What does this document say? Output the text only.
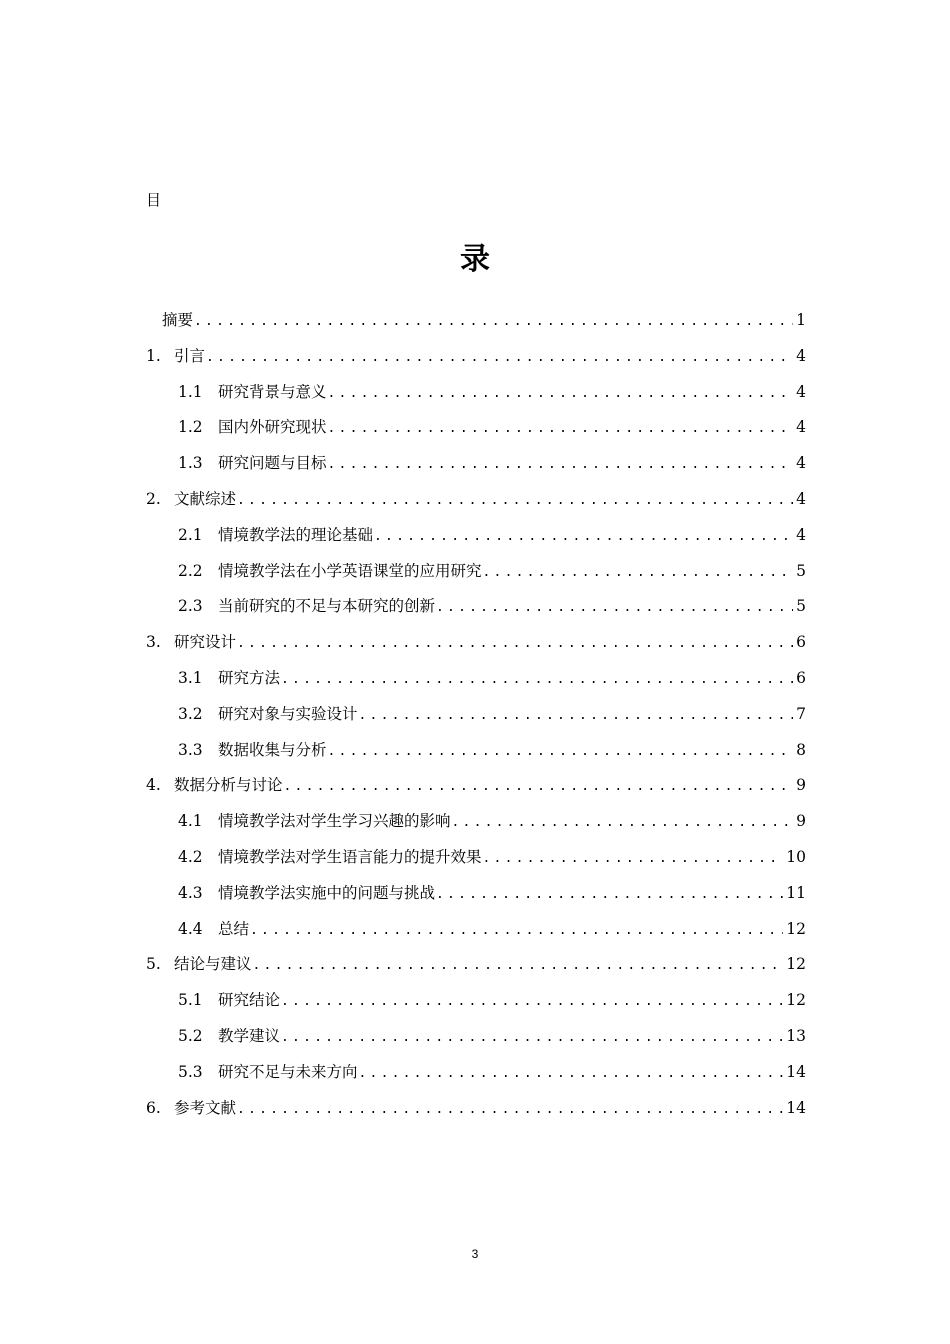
目
录
摘要 .....	1
1. 引言 .....	4
1.1 研究背景与意义 .....	4
1.2 国内外研究现状 .....	4
1.3 研究问题与目标 .....	4
2. 文献综述 .....	4
2.1 情境教学法的理论基础 .....	4
2.2 情境教学法在小学英语课堂的应用研究 .....	5
2.3 当前研究的不足与本研究的创新 .....	5
3. 研究设计 .....	6
3.1 研究方法 .....	6
3.2 研究对象与实验设计 .....	7
3.3 数据收集与分析 .....	8
4. 数据分析与讨论 .....	9
4.1 情境教学法对学生学习兴趣的影响 .....	9
4.2 情境教学法对学生语言能力的提升效果 .....	10
4.3 情境教学法实施中的问题与挑战 .....	11
4.4 总结 .....	12
5. 结论与建议 .....	12
5.1 研究结论 .....	12
5.2 教学建议 .....	13
5.3 研究不足与未来方向 .....	14
6. 参考文献 .....	14
3
